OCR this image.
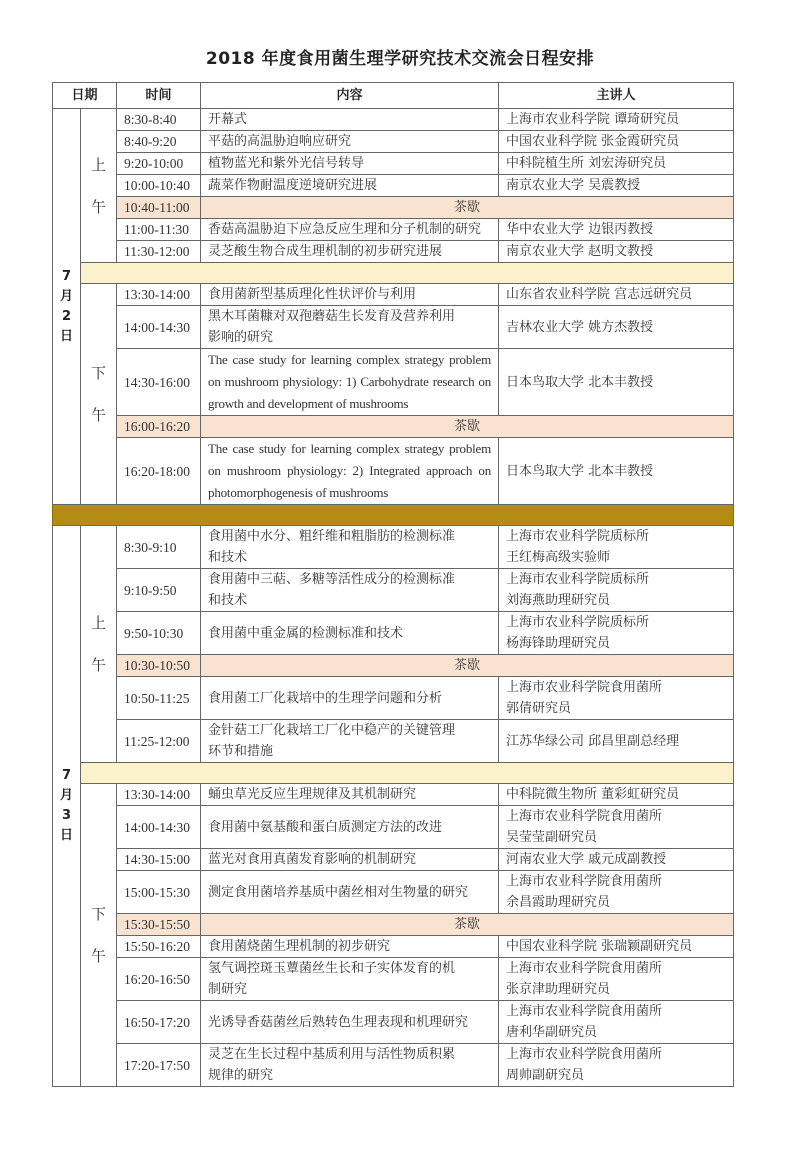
2018 年度食用菌生理学研究技术交流会日程安排
日期		时间	内容	主讲人
7
月
2
日	上
午	8:30-8:40	开幕式	上海市农业科学院 谭琦研究员
		8:40-9:20	平菇的高温胁迫响应研究	中国农业科学院 张金霞研究员
		9:20-10:00	植物蓝光和紫外光信号转导	中科院植生所 刘宏涛研究员
		10:00-10:40	蔬菜作物耐温度逆境研究进展	南京农业大学 吴震教授
		10:40-11:00	茶歇	
		11:00-11:30	香菇高温胁迫下应急反应生理和分子机制的研究	华中农业大学 边银丙教授
		11:30-12:00	灵芝酸生物合成生理机制的初步研究进展	南京农业大学 赵明文教授

	下
午	13:30-14:00	食用菌新型基质理化性状评价与利用	山东省农业科学院 宫志远研究员
		14:00-14:30	黑木耳菌糠对双孢蘑菇生长发育及营养利用
影响的研究	吉林农业大学 姚方杰教授
		14:30-16:00	The case study for learning complex strategy problem on mushroom physiology: 1) Carbohydrate research on growth and development of mushrooms	日本鸟取大学 北本丰教授
		16:00-16:20	茶歇	
		16:20-18:00	The case study for learning complex strategy problem on mushroom physiology: 2) Integrated approach on photomorphogenesis of mushrooms	日本鸟取大学 北本丰教授

7
月
3
日	上
午	8:30-9:10	食用菌中水分、粗纤维和粗脂肪的检测标准
和技术	上海市农业科学院质标所
王红梅高级实验师
		9:10-9:50	食用菌中三萜、多糖等活性成分的检测标准
和技术	上海市农业科学院质标所
刘海燕助理研究员
		9:50-10:30	食用菌中重金属的检测标准和技术	上海市农业科学院质标所
杨海锋助理研究员
		10:30-10:50	茶歇	
		10:50-11:25	食用菌工厂化栽培中的生理学问题和分析	上海市农业科学院食用菌所
郭倩研究员
		11:25-12:00	金针菇工厂化栽培工厂化中稳产的关键管理
环节和措施	江苏华绿公司 邱昌里副总经理

	下
午	13:30-14:00	蛹虫草光反应生理规律及其机制研究	中科院微生物所 董彩虹研究员
		14:00-14:30	食用菌中氨基酸和蛋白质测定方法的改进	上海市农业科学院食用菌所
吴莹莹副研究员
		14:30-15:00	蓝光对食用真菌发育影响的机制研究	河南农业大学 戚元成副教授
		15:00-15:30	测定食用菌培养基质中菌丝相对生物量的研究	上海市农业科学院食用菌所
余昌霞助理研究员
		15:30-15:50	茶歇	
		15:50-16:20	食用菌烧菌生理机制的初步研究	中国农业科学院 张瑞颖副研究员
		16:20-16:50	氢气调控斑玉蕈菌丝生长和子实体发育的机
制研究	上海市农业科学院食用菌所
张京津助理研究员
		16:50-17:20	光诱导香菇菌丝后熟转色生理表现和机理研究	上海市农业科学院食用菌所
唐利华副研究员
		17:20-17:50	灵芝在生长过程中基质利用与活性物质积累
规律的研究	上海市农业科学院食用菌所
周帅副研究员
